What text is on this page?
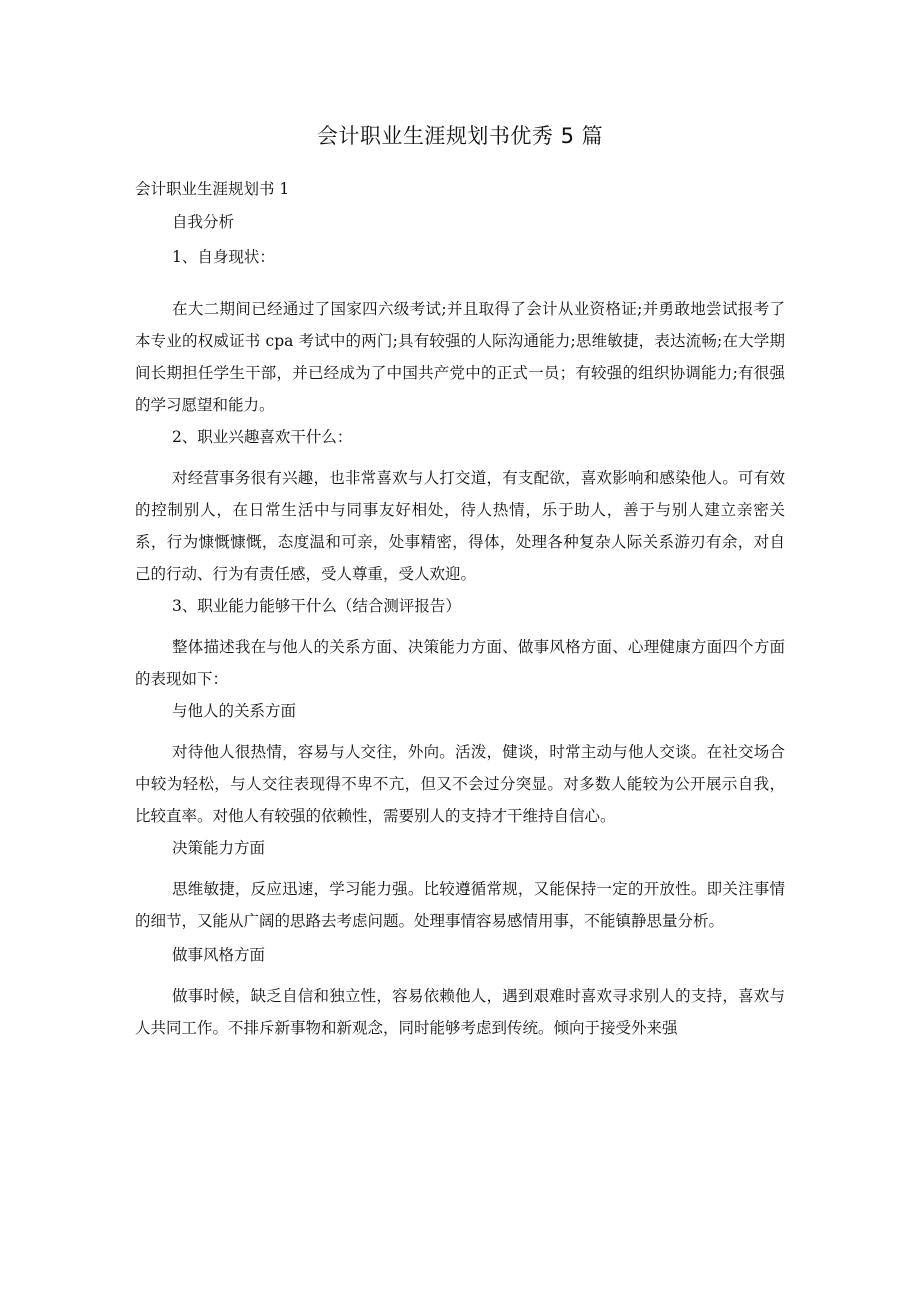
会计职业生涯规划书优秀 5 篇
会计职业生涯规划书 1
自我分析
1、自身现状：
在大二期间已经通过了国家四六级考试;并且取得了会计从业资格证;并勇敢地尝试报考了本专业的权威证书 cpa 考试中的两门;具有较强的人际沟通能力;思维敏捷，表达流畅;在大学期间长期担任学生干部，并已经成为了中国共产党中的正式一员；有较强的组织协调能力;有很强的学习愿望和能力。
2、职业兴趣喜欢干什么：
对经营事务很有兴趣，也非常喜欢与人打交道，有支配欲，喜欢影响和感染他人。可有效的控制别人，在日常生活中与同事友好相处，待人热情，乐于助人，善于与别人建立亲密关系，行为慷慨慷慨，态度温和可亲，处事精密，得体，处理各种复杂人际关系游刃有余，对自己的行动、行为有责任感，受人尊重，受人欢迎。
3、职业能力能够干什么（结合测评报告）
整体描述我在与他人的关系方面、决策能力方面、做事风格方面、心理健康方面四个方面的表现如下：
与他人的关系方面
对待他人很热情，容易与人交往，外向。活泼，健谈，时常主动与他人交谈。在社交场合中较为轻松，与人交往表现得不卑不亢，但又不会过分突显。对多数人能较为公开展示自我，比较直率。对他人有较强的依赖性，需要别人的支持才干维持自信心。
决策能力方面
思维敏捷，反应迅速，学习能力强。比较遵循常规，又能保持一定的开放性。即关注事情的细节，又能从广阔的思路去考虑问题。处理事情容易感情用事，不能镇静思量分析。
做事风格方面
做事时候，缺乏自信和独立性，容易依赖他人，遇到艰难时喜欢寻求别人的支持，喜欢与人共同工作。不排斥新事物和新观念，同时能够考虑到传统。倾向于接受外来强
